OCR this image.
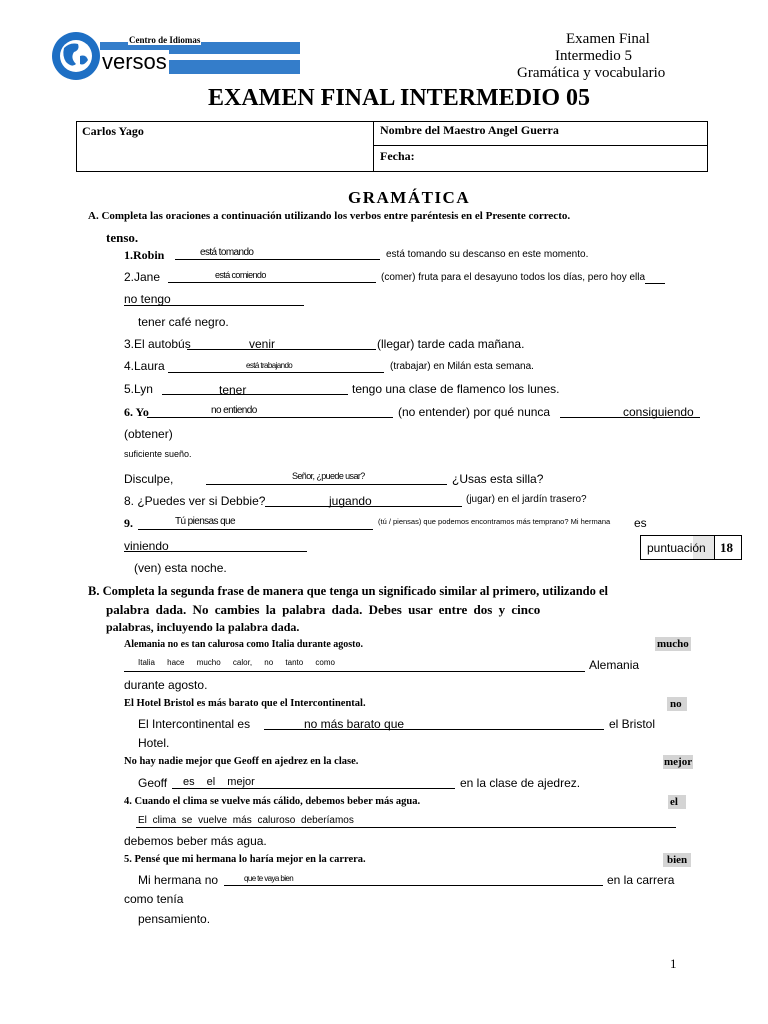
Centro de Idiomas
versos
Examen Final
Intermedio 5
Gramática y vocabulario
EXAMEN FINAL INTERMEDIO 05
Carlos Yago	Nombre del Maestro Angel Guerra
Fecha:
GRAMÁTICA
A. Completa las oraciones a continuación utilizando los verbos entre paréntesis en el Presente correcto.
tenso.
1.Robin	está tomando	está tomando su descanso en este momento.
2.Jane	está comiendo	(comer) fruta para el desayuno todos los días, pero hoy ella
no tengo
tener café negro.
3.El autobús	venir	(llegar) tarde cada mañana.
4.Laura	está trabajando	(trabajar) en Milán esta semana.
5.Lyn	tener	tengo una clase de flamenco los lunes.
6. Yo	no entiendo	(no entender) por qué nunca	consiguiendo
(obtener)
suficiente sueño.
Disculpe,	Señor, ¿puede usar?	¿Usas esta silla?
8. ¿Puedes ver si Debbie?	jugando	(jugar) en el jardín trasero?
9.	Tú piensas que	(tú / piensas) que podemos encontramos más temprano? Mi hermana es
viniendo
(ven) esta noche.
puntuación 18
B. Completa la segunda frase de manera que tenga un significado similar al primero, utilizando el
palabra dada. No cambies la palabra dada. Debes usar entre dos y cinco
palabras, incluyendo la palabra dada.
Alemania no es tan calurosa como Italia durante agosto.	mucho
Italia hace mucho calor, no tanto como	Alemania
durante agosto.
El Hotel Bristol es más barato que el Intercontinental.	no
El Intercontinental es	no más barato que	el Bristol
Hotel.
No hay nadie mejor que Geoff en ajedrez en la clase.	mejor
Geoff es el mejor	en la clase de ajedrez.
4. Cuando el clima se vuelve más cálido, debemos beber más agua.	el
El clima se vuelve más caluroso deberíamos
debemos beber más agua.
5. Pensé que mi hermana lo haría mejor en la carrera.	bien
Mi hermana no	que te vaya bien	en la carrera
como tenía
pensamiento.
1
